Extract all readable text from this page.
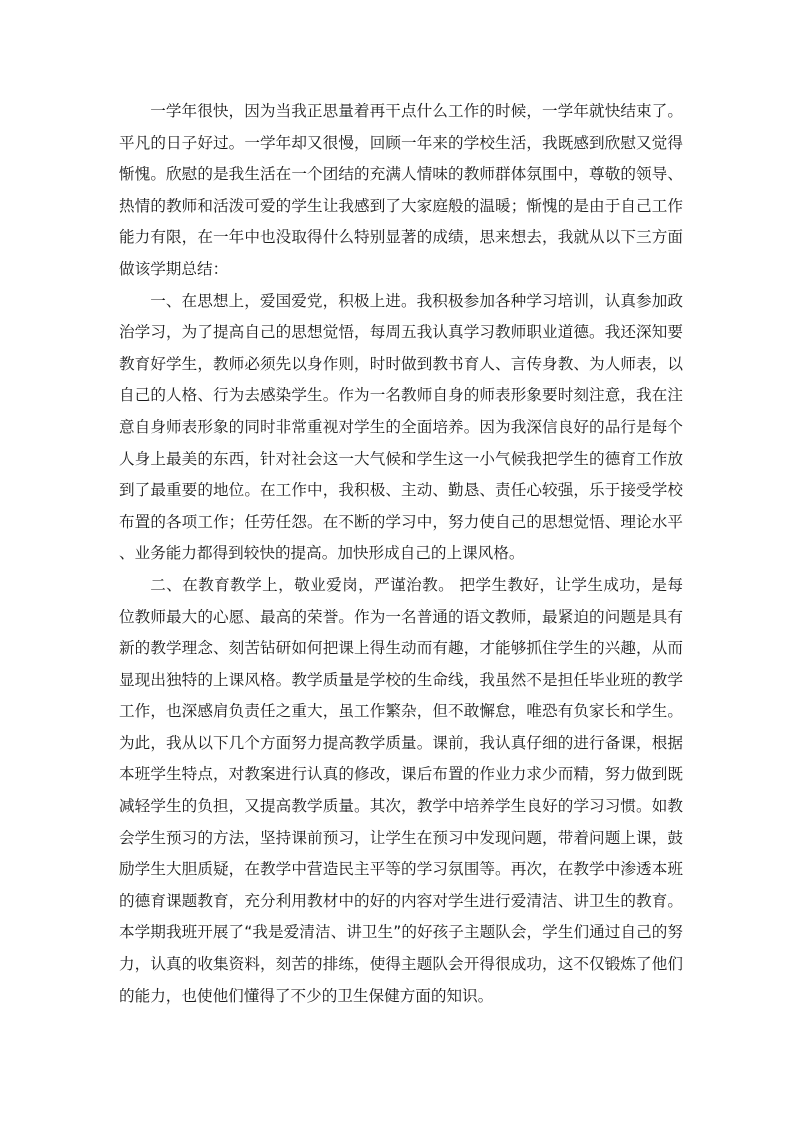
一学年很快，因为当我正思量着再干点什么工作的时候，一学年就快结束了。平凡的日子好过。一学年却又很慢，回顾一年来的学校生活，我既感到欣慰又觉得惭愧。欣慰的是我生活在一个团结的充满人情味的教师群体氛围中，尊敬的领导、热情的教师和活泼可爱的学生让我感到了大家庭般的温暖；惭愧的是由于自己工作能力有限，在一年中也没取得什么特别显著的成绩，思来想去，我就从以下三方面做该学期总结：

一、在思想上，爱国爱党，积极上进。我积极参加各种学习培训，认真参加政治学习，为了提高自己的思想觉悟，每周五我认真学习教师职业道德。我还深知要教育好学生，教师必须先以身作则，时时做到教书育人、言传身教、为人师表，以自己的人格、行为去感染学生。作为一名教师自身的师表形象要时刻注意，我在注意自身师表形象的同时非常重视对学生的全面培养。因为我深信良好的品行是每个人身上最美的东西，针对社会这一大气候和学生这一小气候我把学生的德育工作放到了最重要的地位。在工作中，我积极、主动、勤恳、责任心较强，乐于接受学校布置的各项工作；任劳任怨。在不断的学习中，努力使自己的思想觉悟、理论水平、业务能力都得到较快的提高。加快形成自己的上课风格。

二、在教育教学上，敬业爱岗，严谨治教。 把学生教好，让学生成功，是每位教师最大的心愿、最高的荣誉。作为一名普通的语文教师，最紧迫的问题是具有新的教学理念、刻苦钻研如何把课上得生动而有趣，才能够抓住学生的兴趣，从而显现出独特的上课风格。教学质量是学校的生命线，我虽然不是担任毕业班的教学工作，也深感肩负责任之重大，虽工作繁杂，但不敢懈怠，唯恐有负家长和学生。为此，我从以下几个方面努力提高教学质量。课前，我认真仔细的进行备课，根据本班学生特点，对教案进行认真的修改，课后布置的作业力求少而精，努力做到既减轻学生的负担，又提高教学质量。其次，教学中培养学生良好的学习习惯。如教会学生预习的方法，坚持课前预习，让学生在预习中发现问题，带着问题上课，鼓励学生大胆质疑，在教学中营造民主平等的学习氛围等。再次，在教学中渗透本班的德育课题教育，充分利用教材中的好的内容对学生进行爱清洁、讲卫生的教育。本学期我班开展了“我是爱清洁、讲卫生”的好孩子主题队会，学生们通过自己的努力，认真的收集资料，刻苦的排练，使得主题队会开得很成功，这不仅锻炼了他们的能力，也使他们懂得了不少的卫生保健方面的知识。
